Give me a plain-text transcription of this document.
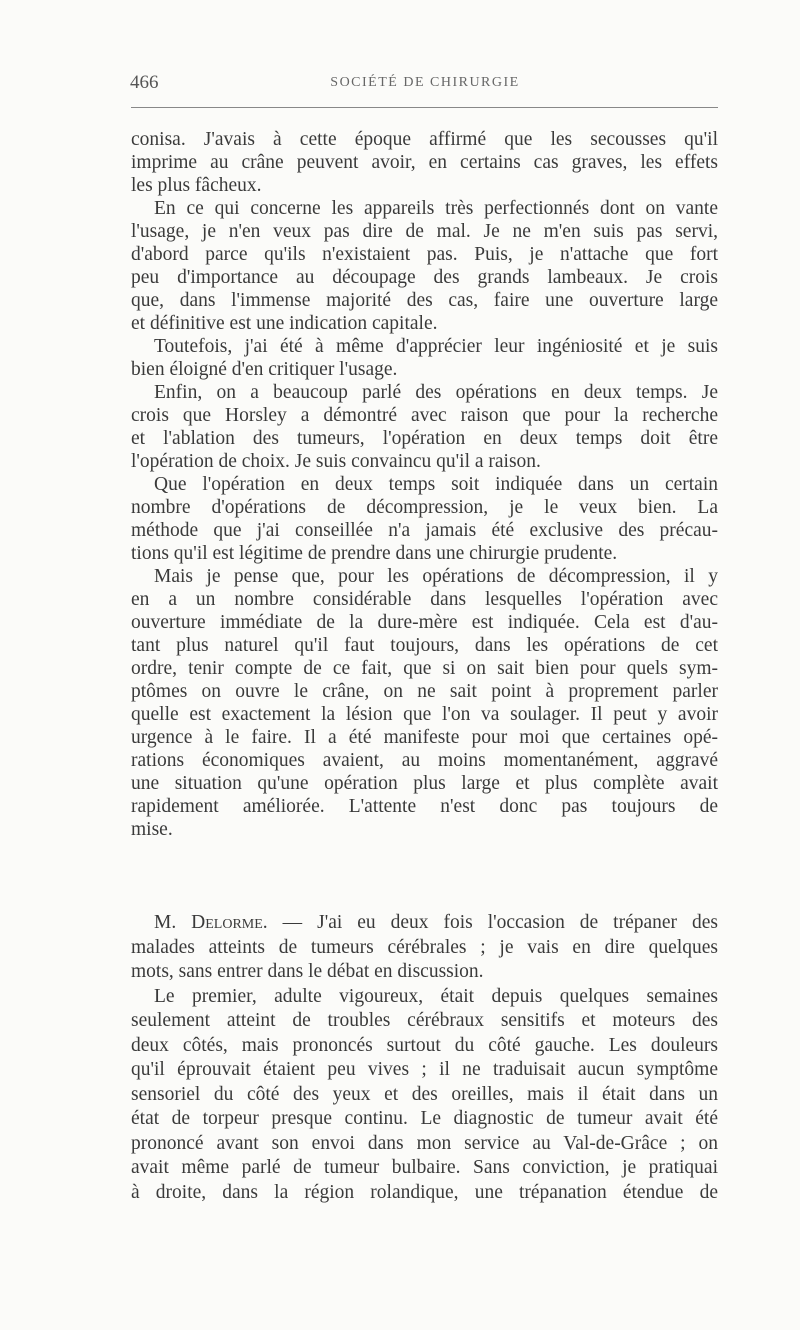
466	SOCIÉTÉ DE CHIRURGIE
conisa. J'avais à cette époque affirmé que les secousses qu'il
imprime au crâne peuvent avoir, en certains cas graves, les effets
les plus fâcheux.
En ce qui concerne les appareils très perfectionnés dont on vante
l'usage, je n'en veux pas dire de mal. Je ne m'en suis pas servi,
d'abord parce qu'ils n'existaient pas. Puis, je n'attache que fort
peu d'importance au découpage des grands lambeaux. Je crois
que, dans l'immense majorité des cas, faire une ouverture large
et définitive est une indication capitale.
Toutefois, j'ai été à même d'apprécier leur ingéniosité et je suis
bien éloigné d'en critiquer l'usage.
Enfin, on a beaucoup parlé des opérations en deux temps. Je
crois que Horsley a démontré avec raison que pour la recherche
et l'ablation des tumeurs, l'opération en deux temps doit être
l'opération de choix. Je suis convaincu qu'il a raison.
Que l'opération en deux temps soit indiquée dans un certain
nombre d'opérations de décompression, je le veux bien. La
méthode que j'ai conseillée n'a jamais été exclusive des précau-
tions qu'il est légitime de prendre dans une chirurgie prudente.
Mais je pense que, pour les opérations de décompression, il y
en a un nombre considérable dans lesquelles l'opération avec
ouverture immédiate de la dure-mère est indiquée. Cela est d'au-
tant plus naturel qu'il faut toujours, dans les opérations de cet
ordre, tenir compte de ce fait, que si on sait bien pour quels sym-
ptômes on ouvre le crâne, on ne sait point à proprement parler
quelle est exactement la lésion que l'on va soulager. Il peut y avoir
urgence à le faire. Il a été manifeste pour moi que certaines opé-
rations économiques avaient, au moins momentanément, aggravé
une situation qu'une opération plus large et plus complète avait
rapidement améliorée. L'attente n'est donc pas toujours de
mise.
M. Delorme. — J'ai eu deux fois l'occasion de trépaner des
malades atteints de tumeurs cérébrales ; je vais en dire quelques
mots, sans entrer dans le débat en discussion.
Le premier, adulte vigoureux, était depuis quelques semaines
seulement atteint de troubles cérébraux sensitifs et moteurs des
deux côtés, mais prononcés surtout du côté gauche. Les douleurs
qu'il éprouvait étaient peu vives ; il ne traduisait aucun symptôme
sensoriel du côté des yeux et des oreilles, mais il était dans un
état de torpeur presque continu. Le diagnostic de tumeur avait été
prononcé avant son envoi dans mon service au Val-de-Grâce ; on
avait même parlé de tumeur bulbaire. Sans conviction, je pratiquai
à droite, dans la région rolandique, une trépanation étendue de
